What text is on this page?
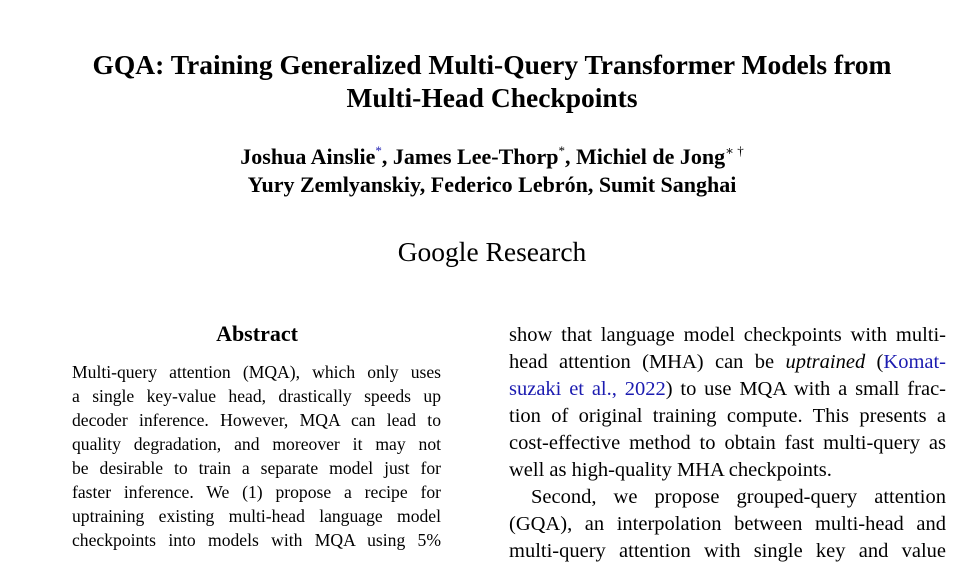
GQA: Training Generalized Multi-Query Transformer Models from
Multi-Head Checkpoints
Joshua Ainslie*, James Lee-Thorp*, Michiel de Jong∗ †
Yury Zemlyanskiy, Federico Lebrón, Sumit Sanghai
Google Research
Abstract
Multi-query attention (MQA), which only uses
a single key-value head, drastically speeds up
decoder inference. However, MQA can lead to
quality degradation, and moreover it may not
be desirable to train a separate model just for
faster inference. We (1) propose a recipe for
uptraining existing multi-head language model
checkpoints into models with MQA using 5%
show that language model checkpoints with multi-
head attention (MHA) can be uptrained (Komat-
suzaki et al., 2022) to use MQA with a small frac-
tion of original training compute. This presents a
cost-effective method to obtain fast multi-query as
well as high-quality MHA checkpoints.
Second, we propose grouped-query attention
(GQA), an interpolation between multi-head and
multi-query attention with single key and value
